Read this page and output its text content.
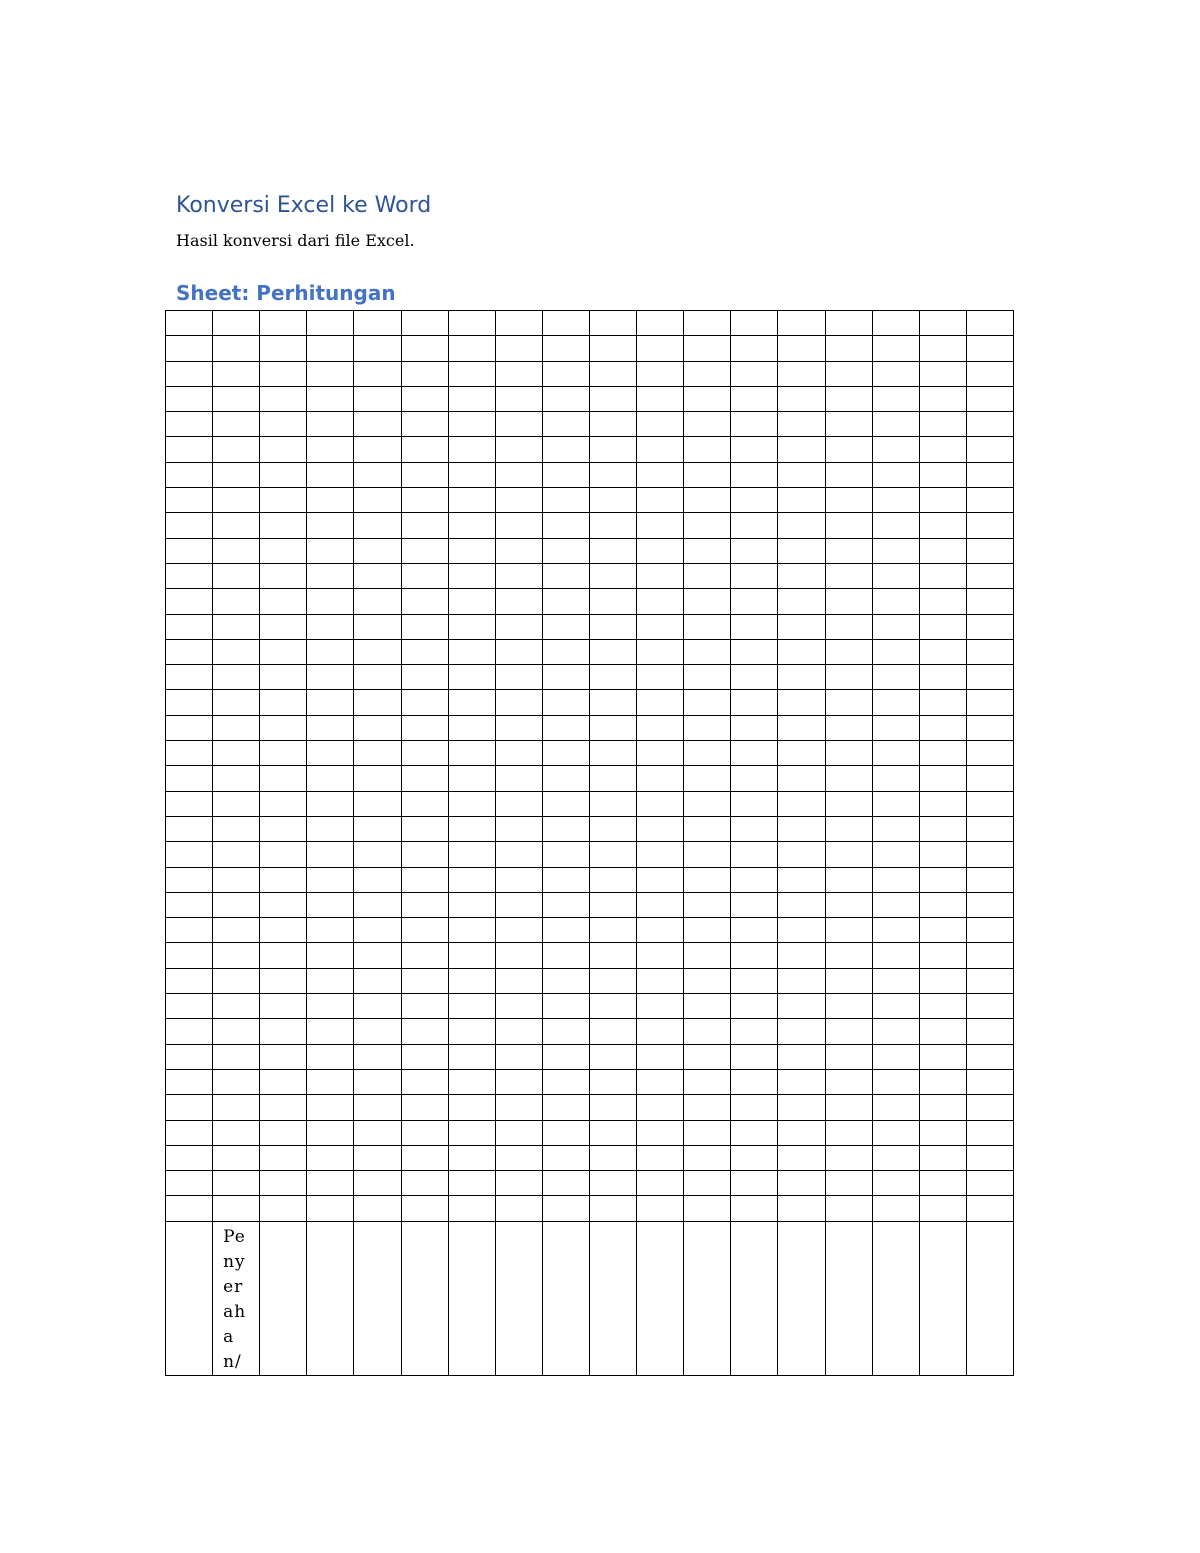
Konversi Excel ke Word

Hasil konversi dari file Excel.

Sheet: Perhitungan

	Penyerahan/																
